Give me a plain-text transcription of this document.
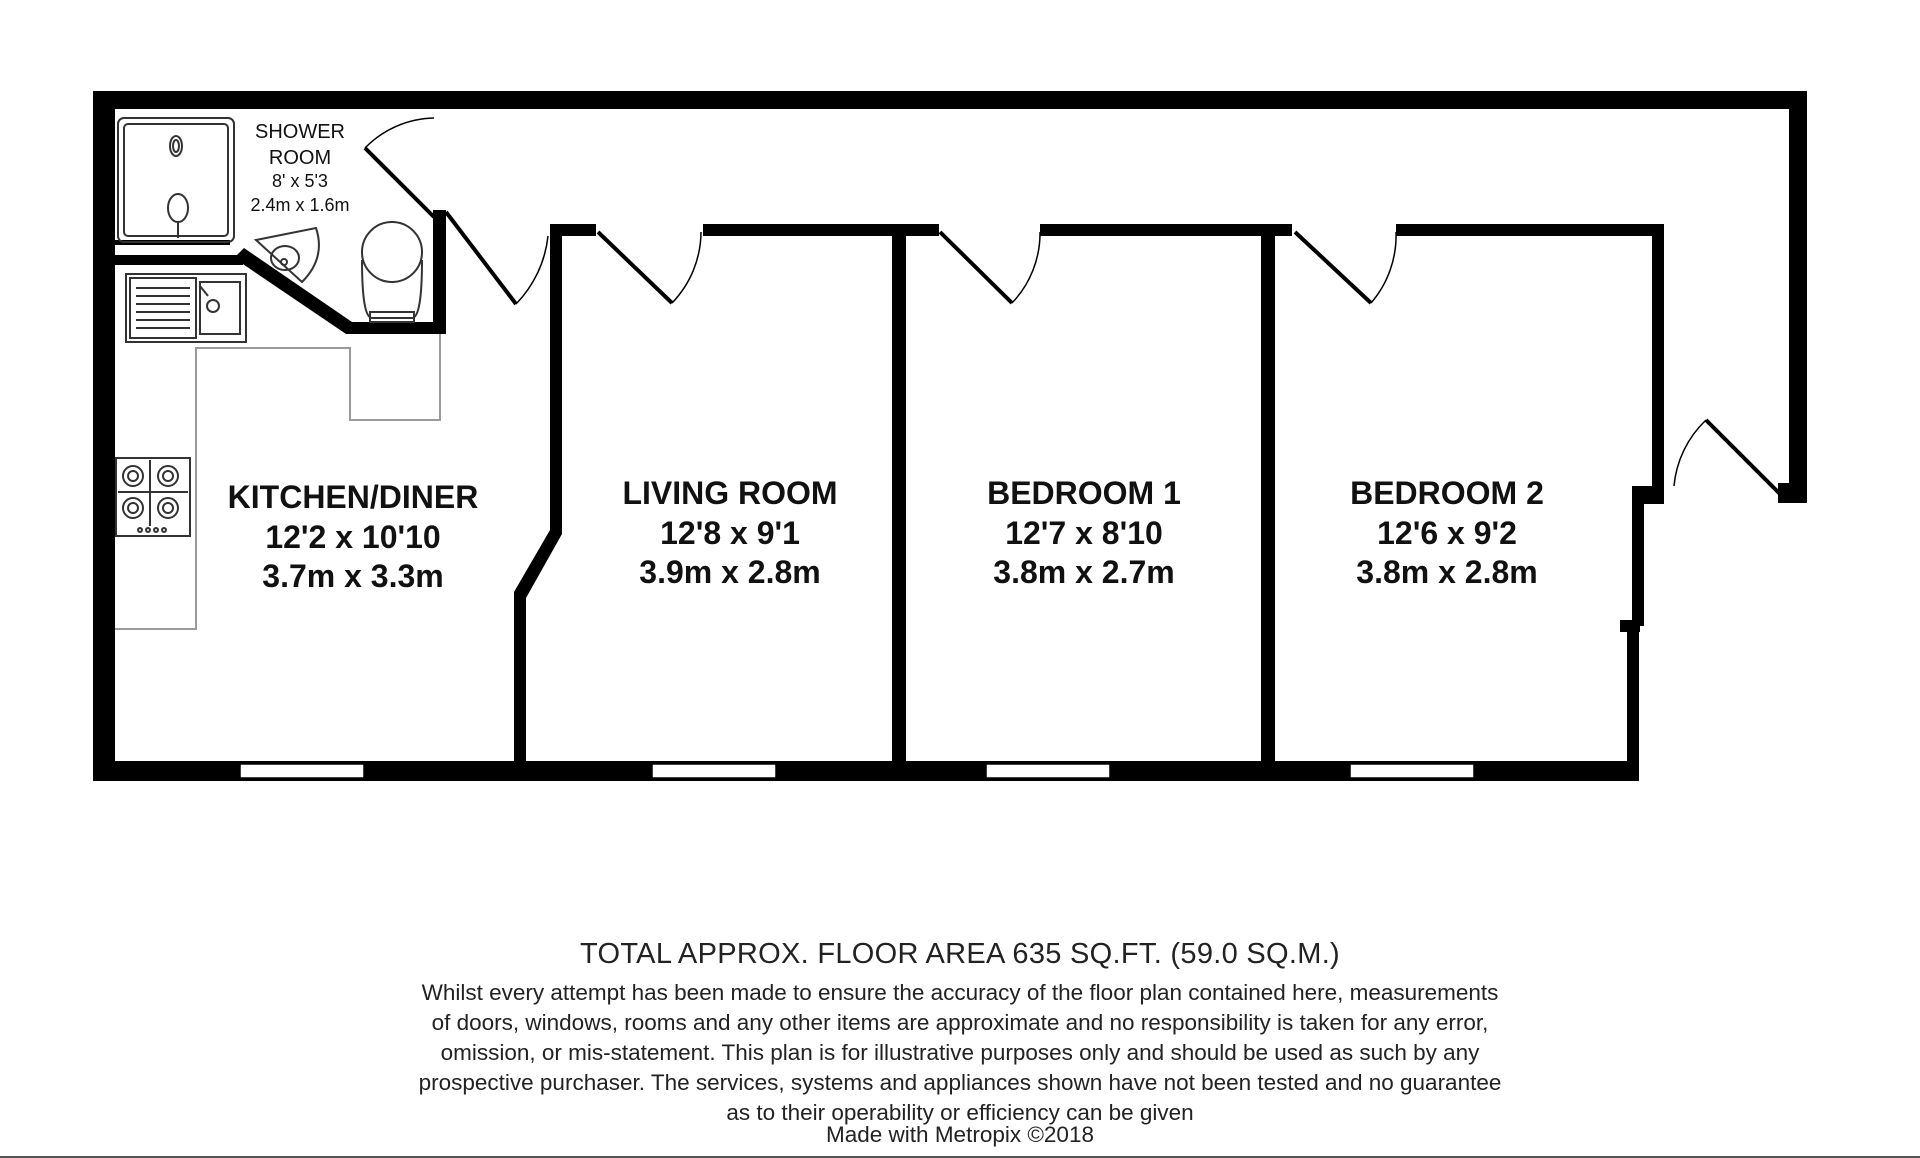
SHOWER
ROOM
8' x 5'3
2.4m x 1.6m
KITCHEN/DINER
12'2 x 10'10
3.7m x 3.3m
LIVING ROOM
12'8 x 9'1
3.9m x 2.8m
BEDROOM 1
12'7 x 8'10
3.8m x 2.7m
BEDROOM 2
12'6 x 9'2
3.8m x 2.8m
TOTAL APPROX. FLOOR AREA 635 SQ.FT. (59.0 SQ.M.)
Whilst every attempt has been made to ensure the accuracy of the floor plan contained here, measurements
of doors, windows, rooms and any other items are approximate and no responsibility is taken for any error,
omission, or mis-statement. This plan is for illustrative purposes only and should be used as such by any
prospective purchaser. The services, systems and appliances shown have not been tested and no guarantee
as to their operability or efficiency can be given
Made with Metropix ©2018
